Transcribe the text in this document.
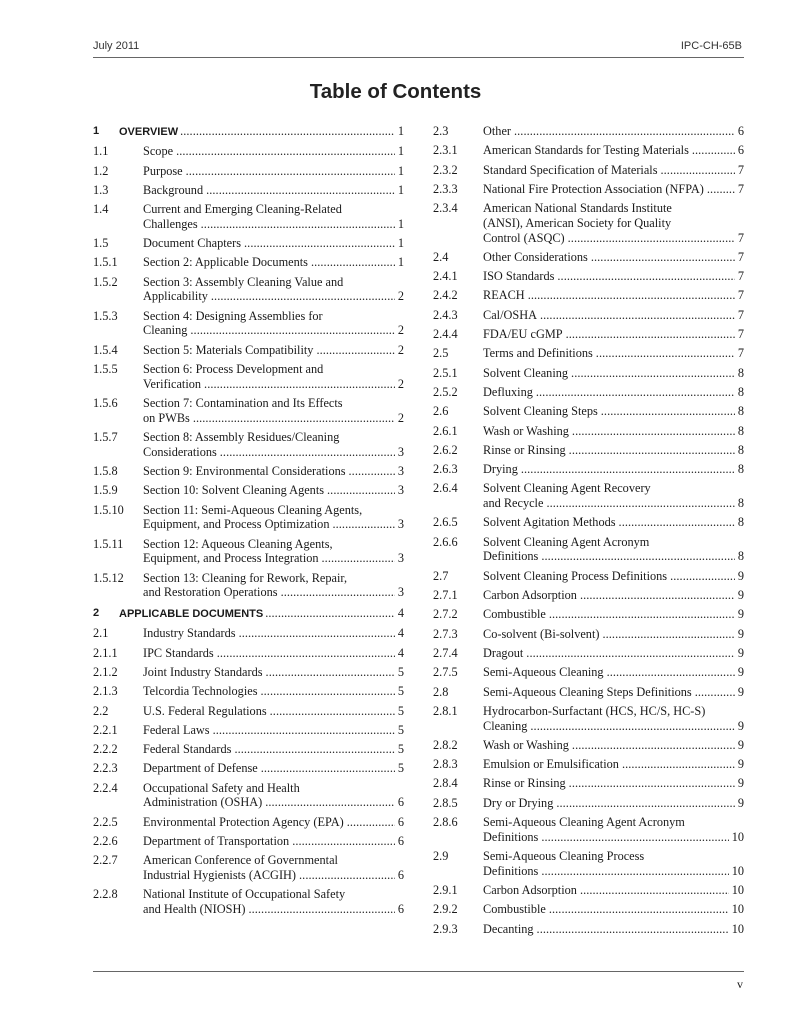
July 2011	IPC-CH-65B
Table of Contents
1	OVERVIEW . . .	1
1.1	Scope . . .	1
1.2	Purpose . . .	1
1.3	Background . . .	1
1.4	Current and Emerging Cleaning-Related
Challenges . . .	1
1.5	Document Chapters . . .	1
1.5.1	Section 2: Applicable Documents . . .	1
1.5.2	Section 3: Assembly Cleaning Value and
Applicability . . .	2
1.5.3	Section 4: Designing Assemblies for
Cleaning . . .	2
1.5.4	Section 5: Materials Compatibility . . .	2
1.5.5	Section 6: Process Development and
Verification . . .	2
1.5.6	Section 7: Contamination and Its Effects
on PWBs . . .	2
1.5.7	Section 8: Assembly Residues/Cleaning
Considerations . . .	3
1.5.8	Section 9: Environmental Considerations . . .	3
1.5.9	Section 10: Solvent Cleaning Agents . . .	3
1.5.10	Section 11: Semi-Aqueous Cleaning Agents,
Equipment, and Process Optimization . . .	3
1.5.11	Section 12: Aqueous Cleaning Agents,
Equipment, and Process Integration . . .	3
1.5.12	Section 13: Cleaning for Rework, Repair,
and Restoration Operations . . .	3
2	APPLICABLE DOCUMENTS . . .	4
2.1	Industry Standards . . .	4
2.1.1	IPC Standards . . .	4
2.1.2	Joint Industry Standards . . .	5
2.1.3	Telcordia Technologies . . .	5
2.2	U.S. Federal Regulations . . .	5
2.2.1	Federal Laws . . .	5
2.2.2	Federal Standards . . .	5
2.2.3	Department of Defense . . .	5
2.2.4	Occupational Safety and Health
Administration (OSHA) . . .	6
2.2.5	Environmental Protection Agency (EPA) . . .	6
2.2.6	Department of Transportation . . .	6
2.2.7	American Conference of Governmental
Industrial Hygienists (ACGIH) . . .	6
2.2.8	National Institute of Occupational Safety
and Health (NIOSH) . . .	6
2.3	Other . . .	6
2.3.1	American Standards for Testing Materials . . .	6
2.3.2	Standard Specification of Materials . . .	7
2.3.3	National Fire Protection Association (NFPA) . . .	7
2.3.4	American National Standards Institute
(ANSI), American Society for Quality
Control (ASQC) . . .	7
2.4	Other Considerations . . .	7
2.4.1	ISO Standards . . .	7
2.4.2	REACH . . .	7
2.4.3	Cal/OSHA . . .	7
2.4.4	FDA/EU cGMP . . .	7
2.5	Terms and Definitions . . .	7
2.5.1	Solvent Cleaning . . .	8
2.5.2	Defluxing . . .	8
2.6	Solvent Cleaning Steps . . .	8
2.6.1	Wash or Washing . . .	8
2.6.2	Rinse or Rinsing . . .	8
2.6.3	Drying . . .	8
2.6.4	Solvent Cleaning Agent Recovery
and Recycle . . .	8
2.6.5	Solvent Agitation Methods . . .	8
2.6.6	Solvent Cleaning Agent Acronym
Definitions . . .	8
2.7	Solvent Cleaning Process Definitions . . .	9
2.7.1	Carbon Adsorption . . .	9
2.7.2	Combustible . . .	9
2.7.3	Co-solvent (Bi-solvent) . . .	9
2.7.4	Dragout . . .	9
2.7.5	Semi-Aqueous Cleaning . . .	9
2.8	Semi-Aqueous Cleaning Steps Definitions . . .	9
2.8.1	Hydrocarbon-Surfactant (HCS, HC/S, HC-S)
Cleaning . . .	9
2.8.2	Wash or Washing . . .	9
2.8.3	Emulsion or Emulsification . . .	9
2.8.4	Rinse or Rinsing . . .	9
2.8.5	Dry or Drying . . .	9
2.8.6	Semi-Aqueous Cleaning Agent Acronym
Definitions . . .	10
2.9	Semi-Aqueous Cleaning Process
Definitions . . .	10
2.9.1	Carbon Adsorption . . .	10
2.9.2	Combustible . . .	10
2.9.3	Decanting . . .	10
v
